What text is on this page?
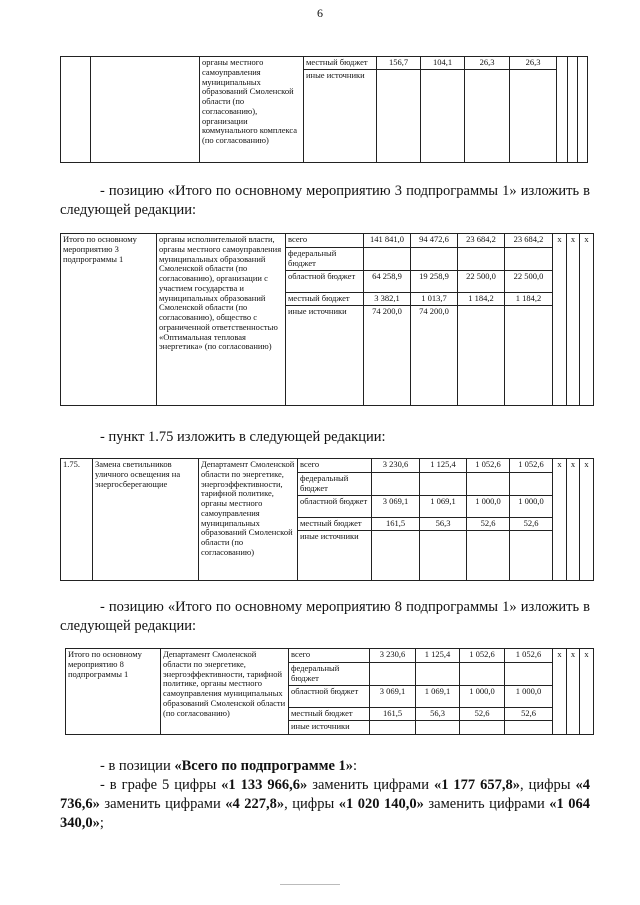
6
		органы местного самоуправления муниципальных образований Смоленской области (по согласованию), организации коммунального комплекса (по согласованию)	местный бюджет	156,7	104,1	26,3	26,3			
			иные источники							

- позицию «Итого по основному мероприятию 3 подпрограммы 1» изложить в следующей редакции:

Итого по основному мероприятию 3 подпрограммы 1	органы исполнительной власти, органы местного самоуправления муниципальных образований Смоленской области (по согласованию), организации с участием государства и муниципальных образований Смоленской области (по согласованию), общество с ограниченной ответственностью «Оптимальная тепловая энергетика» (по согласованию)	всего	141 841,0	94 472,6	23 684,2	23 684,2	x	x	x
		федеральный бюджет							
		областной бюджет	64 258,9	19 258,9	22 500,0	22 500,0			
		местный бюджет	3 382,1	1 013,7	1 184,2	1 184,2			
		иные источники	74 200,0	74 200,0					

- пункт 1.75 изложить в следующей редакции:

1.75.	Замена светильников уличного освещения на энергосберегающие	Департамент Смоленской области по энергетике, энергоэффективности, тарифной политике, органы местного самоуправления муниципальных образований Смоленской области (по согласованию)	всего	3 230,6	1 125,4	1 052,6	1 052,6	x	x	x
			федеральный бюджет							
			областной бюджет	3 069,1	1 069,1	1 000,0	1 000,0			
			местный бюджет	161,5	56,3	52,6	52,6			
			иные источники							

- позицию «Итого по основному мероприятию 8 подпрограммы 1» изложить в следующей редакции:

Итого по основному мероприятию 8 подпрограммы 1	Департамент Смоленской области по энергетике, энергоэффективности, тарифной политике, органы местного самоуправления муниципальных образований Смоленской области (по согласованию)	всего	3 230,6	1 125,4	1 052,6	1 052,6	x	x	x
		федеральный бюджет							
		областной бюджет	3 069,1	1 069,1	1 000,0	1 000,0			
		местный бюджет	161,5	56,3	52,6	52,6			
		иные источники							

- в позиции «Всего по подпрограмме 1»:

- в графе 5 цифры «1 133 966,6» заменить цифрами «1 177 657,8», цифры «4 736,6» заменить цифрами «4 227,8», цифры «1 020 140,0» заменить цифрами «1 064 340,0»;
